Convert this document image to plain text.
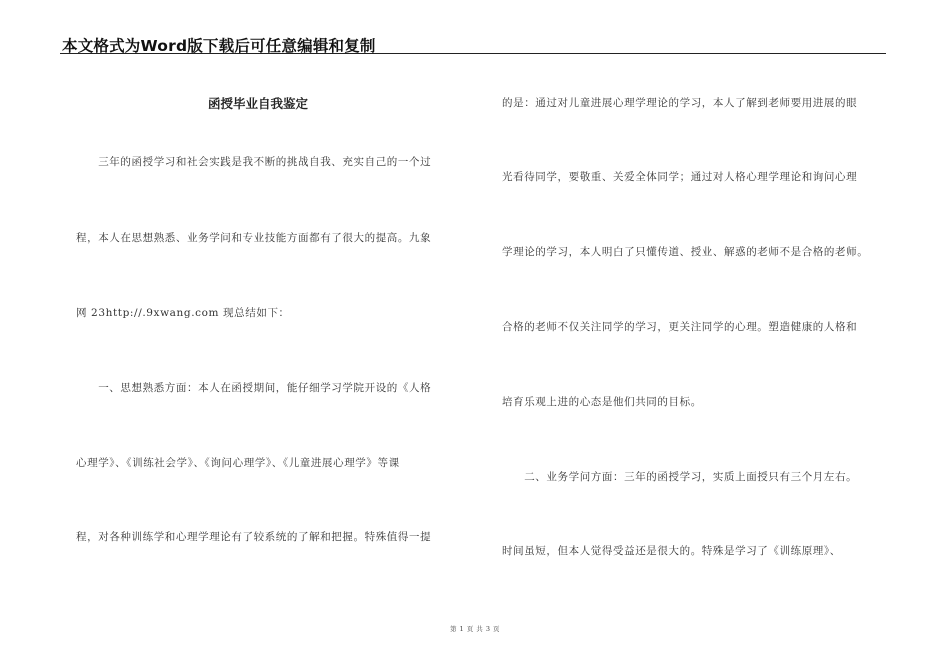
本文格式为Word版下载后可任意编辑和复制
函授毕业自我鉴定
　　三年的函授学习和社会实践是我不断的挑战自我、充实自己的一个过
程，本人在思想熟悉、业务学问和专业技能方面都有了很大的提高。九象
网 23http://.9xwang.com 现总结如下：
　　一、思想熟悉方面：本人在函授期间，能仔细学习学院开设的《人格
心理学》、《训练社会学》、《询问心理学》、《儿童进展心理学》等课
程，对各种训练学和心理学理论有了较系统的了解和把握。特殊值得一提
的是：通过对儿童进展心理学理论的学习，本人了解到老师要用进展的眼
光看待同学，要敬重、关爱全体同学；通过对人格心理学理论和询问心理
学理论的学习，本人明白了只懂传道、授业、解惑的老师不是合格的老师。
合格的老师不仅关注同学的学习，更关注同学的心理。塑造健康的人格和
培育乐观上进的心态是他们共同的目标。
　　二、业务学问方面：三年的函授学习，实质上面授只有三个月左右。
时间虽短，但本人觉得受益还是很大的。特殊是学习了《训练原理》、
第 1 页 共 3 页
